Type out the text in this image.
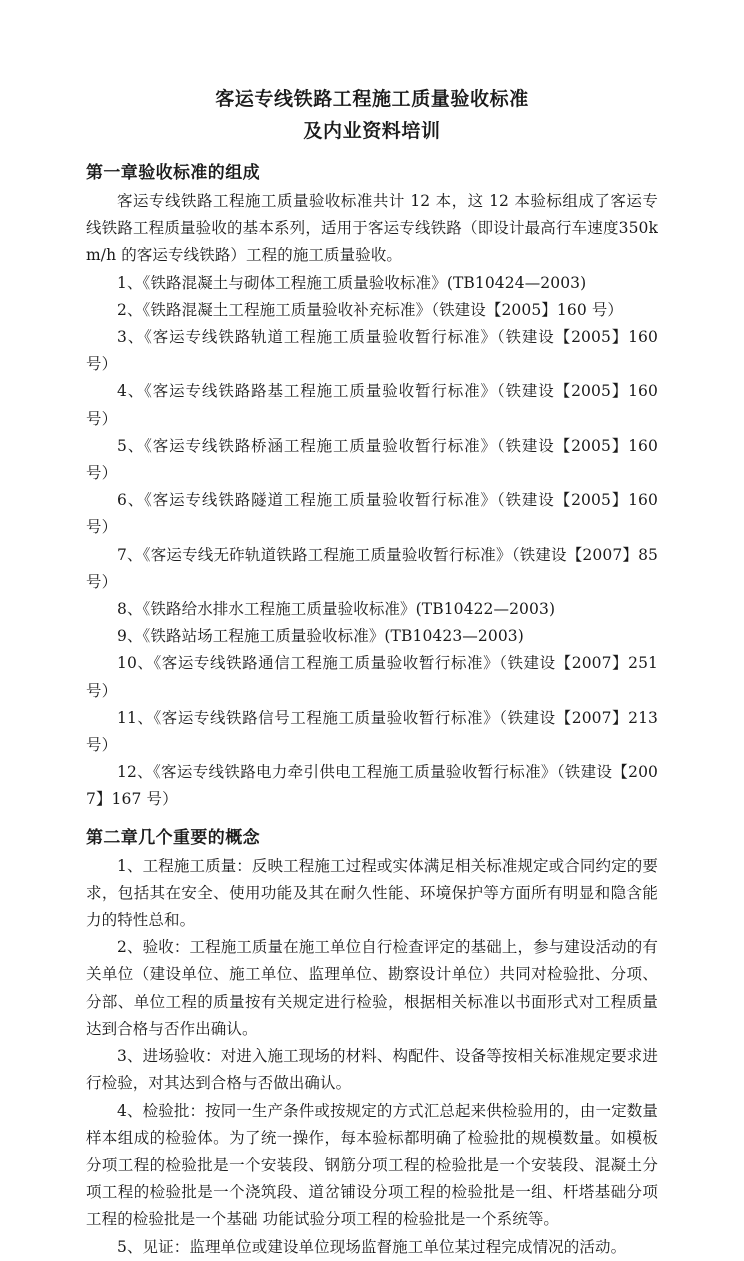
客运专线铁路工程施工质量验收标准
及内业资料培训
第一章验收标准的组成

客运专线铁路工程施工质量验收标准共计 12 本，这 12 本验标组成了客运专线铁路工程质量验收的基本系列，适用于客运专线铁路（即设计最高行车速度350km/h 的客运专线铁路）工程的施工质量验收。

1、《铁路混凝土与砌体工程施工质量验收标准》(TB10424—2003)
2、《铁路混凝土工程施工质量验收补充标准》（铁建设【2005】160 号）
3、《客运专线铁路轨道工程施工质量验收暂行标准》（铁建设【2005】160 号）
4、《客运专线铁路路基工程施工质量验收暂行标准》（铁建设【2005】160 号）
5、《客运专线铁路桥涵工程施工质量验收暂行标准》（铁建设【2005】160 号）
6、《客运专线铁路隧道工程施工质量验收暂行标准》（铁建设【2005】160 号）
7、《客运专线无砟轨道铁路工程施工质量验收暂行标准》（铁建设【2007】85 号）
8、《铁路给水排水工程施工质量验收标准》(TB10422—2003)
9、《铁路站场工程施工质量验收标准》(TB10423—2003)
10、《客运专线铁路通信工程施工质量验收暂行标准》（铁建设【2007】251 号）
11、《客运专线铁路信号工程施工质量验收暂行标准》（铁建设【2007】213 号）
12、《客运专线铁路电力牵引供电工程施工质量验收暂行标准》（铁建设【2007】167 号）
第二章几个重要的概念
1、工程施工质量：反映工程施工过程或实体满足相关标准规定或合同约定的要求，包括其在安全、使用功能及其在耐久性能、环境保护等方面所有明显和隐含能力的特性总和。
2、验收：工程施工质量在施工单位自行检查评定的基础上，参与建设活动的有关单位（建设单位、施工单位、监理单位、勘察设计单位）共同对检验批、分项、分部、单位工程的质量按有关规定进行检验，根据相关标准以书面形式对工程质量达到合格与否作出确认。
3、进场验收：对进入施工现场的材料、构配件、设备等按相关标准规定要求进行检验，对其达到合格与否做出确认。
4、检验批：按同一生产条件或按规定的方式汇总起来供检验用的，由一定数量样本组成的检验体。为了统一操作，每本验标都明确了检验批的规模数量。如模板分项工程的检验批是一个安装段、钢筋分项工程的检验批是一个安装段、混凝土分项工程的检验批是一个浇筑段、道岔铺设分项工程的检验批是一组、杆塔基础分项工程的检验批是一个基础 功能试验分项工程的检验批是一个系统等。
5、见证：监理单位或建设单位现场监督施工单位某过程完成情况的活动。
